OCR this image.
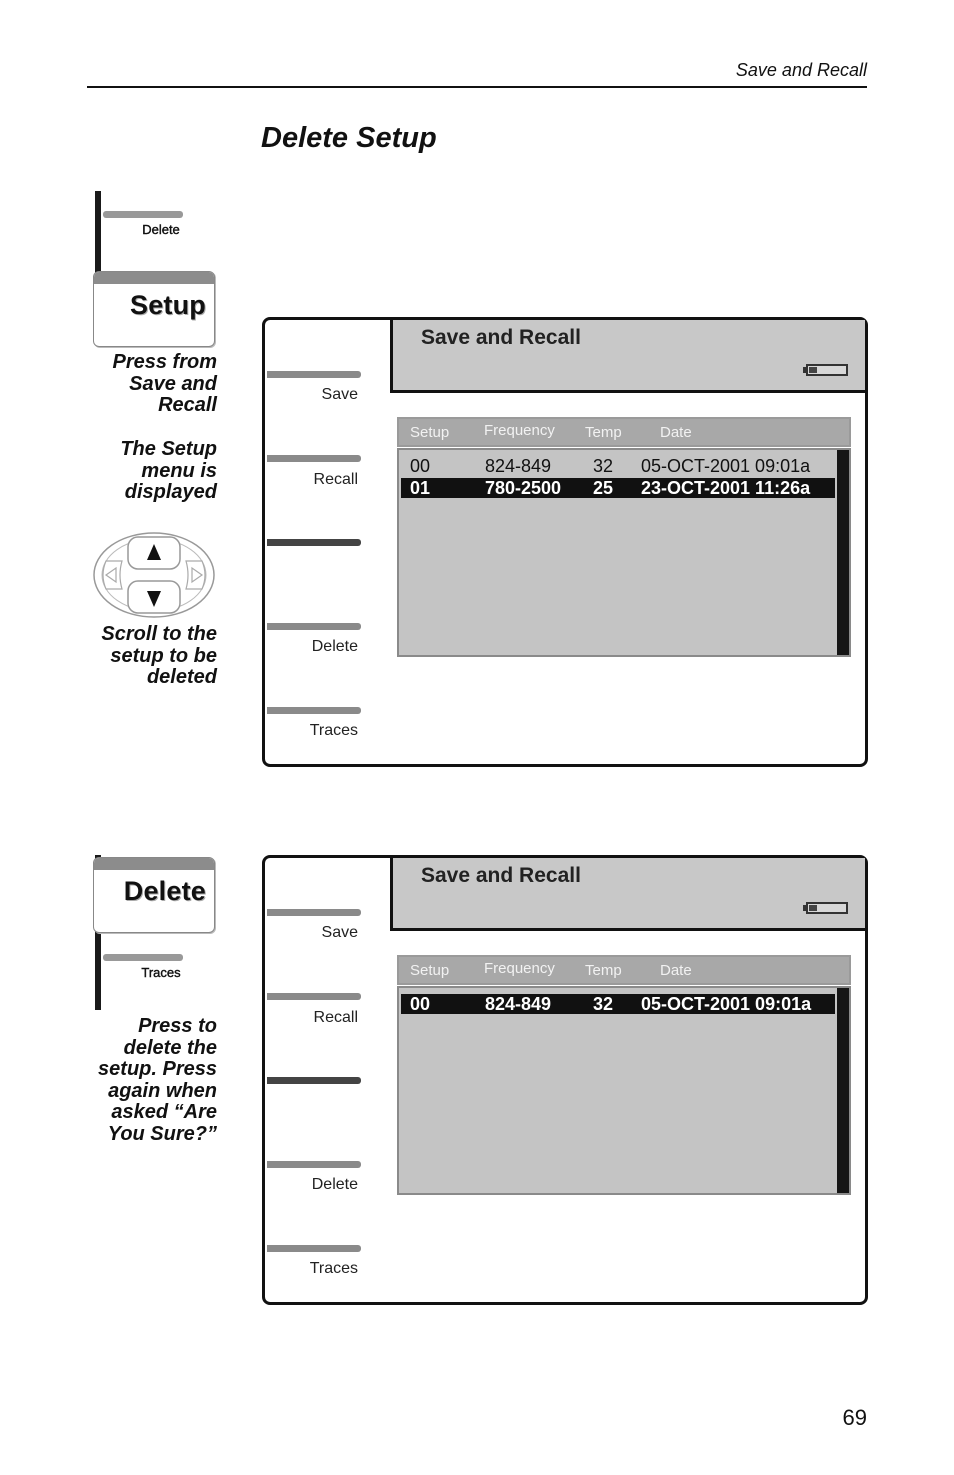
Save and Recall
Delete Setup
Delete
Setup
Press from
Save and
Recall
The Setup
menu is
displayed
Scroll to the
setup to be
deleted
Save and Recall
Save
Recall
Delete
Traces
Setup Frequency Temp	Date
00	824-849 32 05-OCT-2001 09:01a
01	780-2500 25 23-OCT-2001 11:26a
Delete
Traces
Press to
delete the
setup. Press
again when
asked “Are
You Sure?”
Save and Recall
Save
Recall
Delete
Traces
Setup Frequency Temp	Date
00	824-849 32 05-OCT-2001 09:01a
69
